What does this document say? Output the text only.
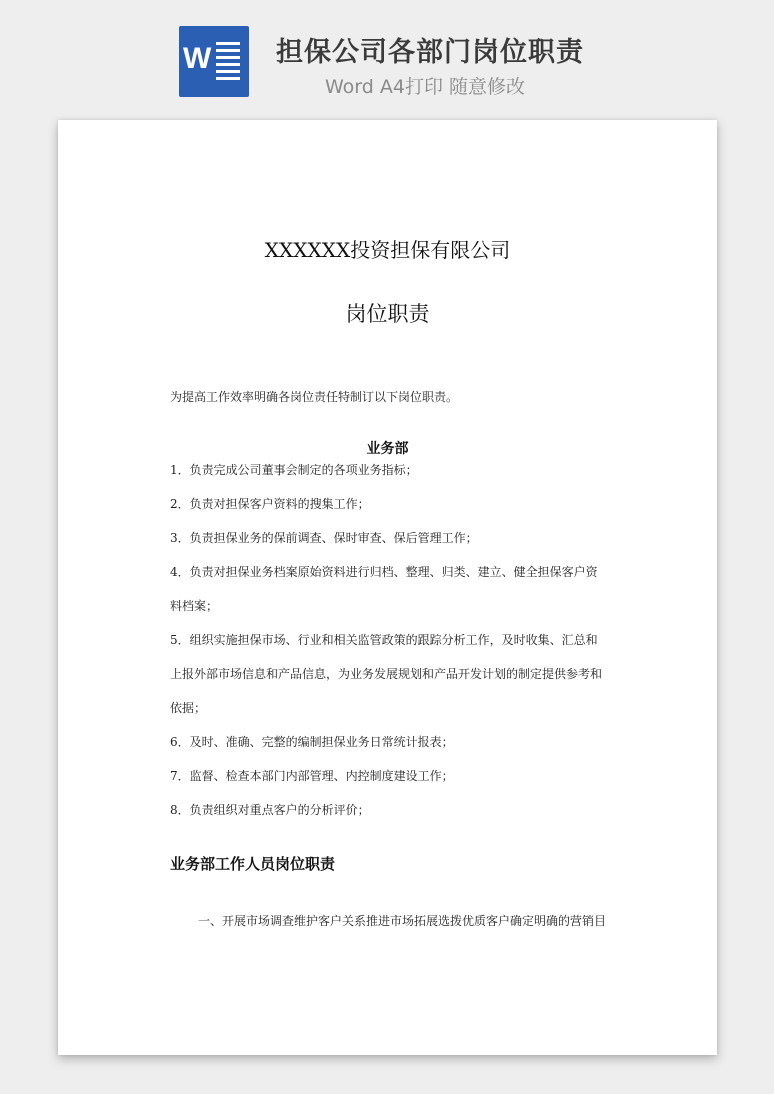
W 担保公司各部门岗位职责
Word A4打印 随意修改
XXXXXX投资担保有限公司
岗位职责
为提高工作效率明确各岗位责任特制订以下岗位职责。
业务部
1．负责完成公司董事会制定的各项业务指标；
2．负责对担保客户资料的搜集工作；
3．负责担保业务的保前调查、保时审查、保后管理工作；
4．负责对担保业务档案原始资料进行归档、整理、归类、建立、健全担保客户资
料档案；
5．组织实施担保市场、行业和相关监管政策的跟踪分析工作，及时收集、汇总和
上报外部市场信息和产品信息，为业务发展规划和产品开发计划的制定提供参考和
依据；
6．及时、准确、完整的编制担保业务日常统计报表；
7．监督、检查本部门内部管理、内控制度建设工作；
8．负责组织对重点客户的分析评价；
业务部工作人员岗位职责
一、开展市场调查维护客户关系推进市场拓展选拨优质客户确定明确的营销目
